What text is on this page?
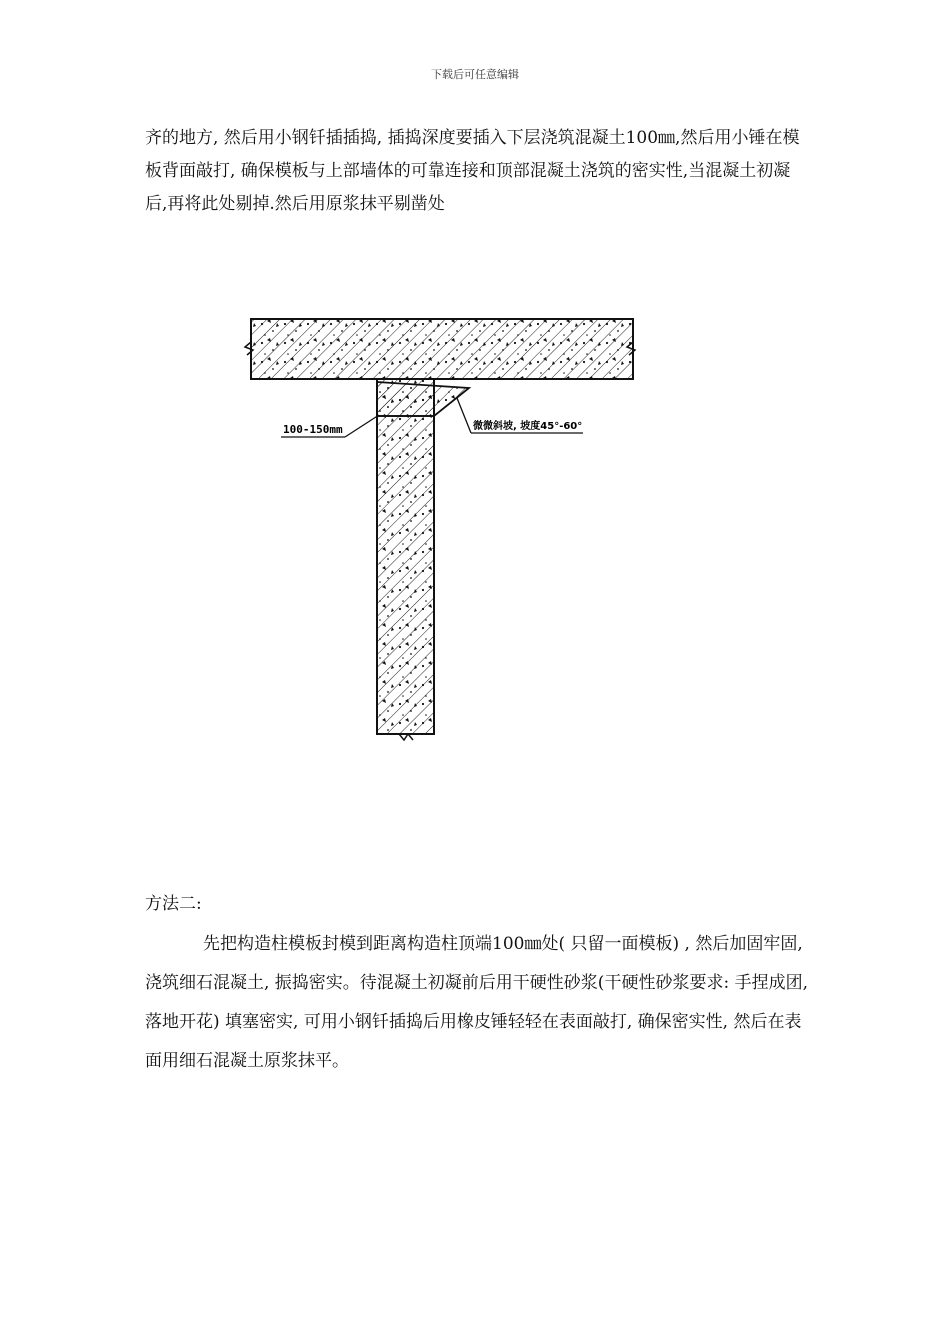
下载后可任意编辑

齐的地方, 然后用小钢钎插插捣, 插捣深度要插入下层浇筑混凝土100㎜,然后用小锤在模板背面敲打, 确保模板与上部墙体的可靠连接和顶部混凝土浇筑的密实性,当混凝土初凝后,再将此处剔掉.然后用原浆抹平剔凿处

100-150mm	微微斜坡, 坡度45°-60°

方法二:

先把构造柱模板封模到距离构造柱顶端100㎜处( 只留一面模板) , 然后加固牢固, 浇筑细石混凝土, 振捣密实。待混凝土初凝前后用干硬性砂浆(干硬性砂浆要求: 手捏成团, 落地开花) 填塞密实, 可用小钢钎插捣后用橡皮锤轻轻在表面敲打, 确保密实性, 然后在表面用细石混凝土原浆抹平。
